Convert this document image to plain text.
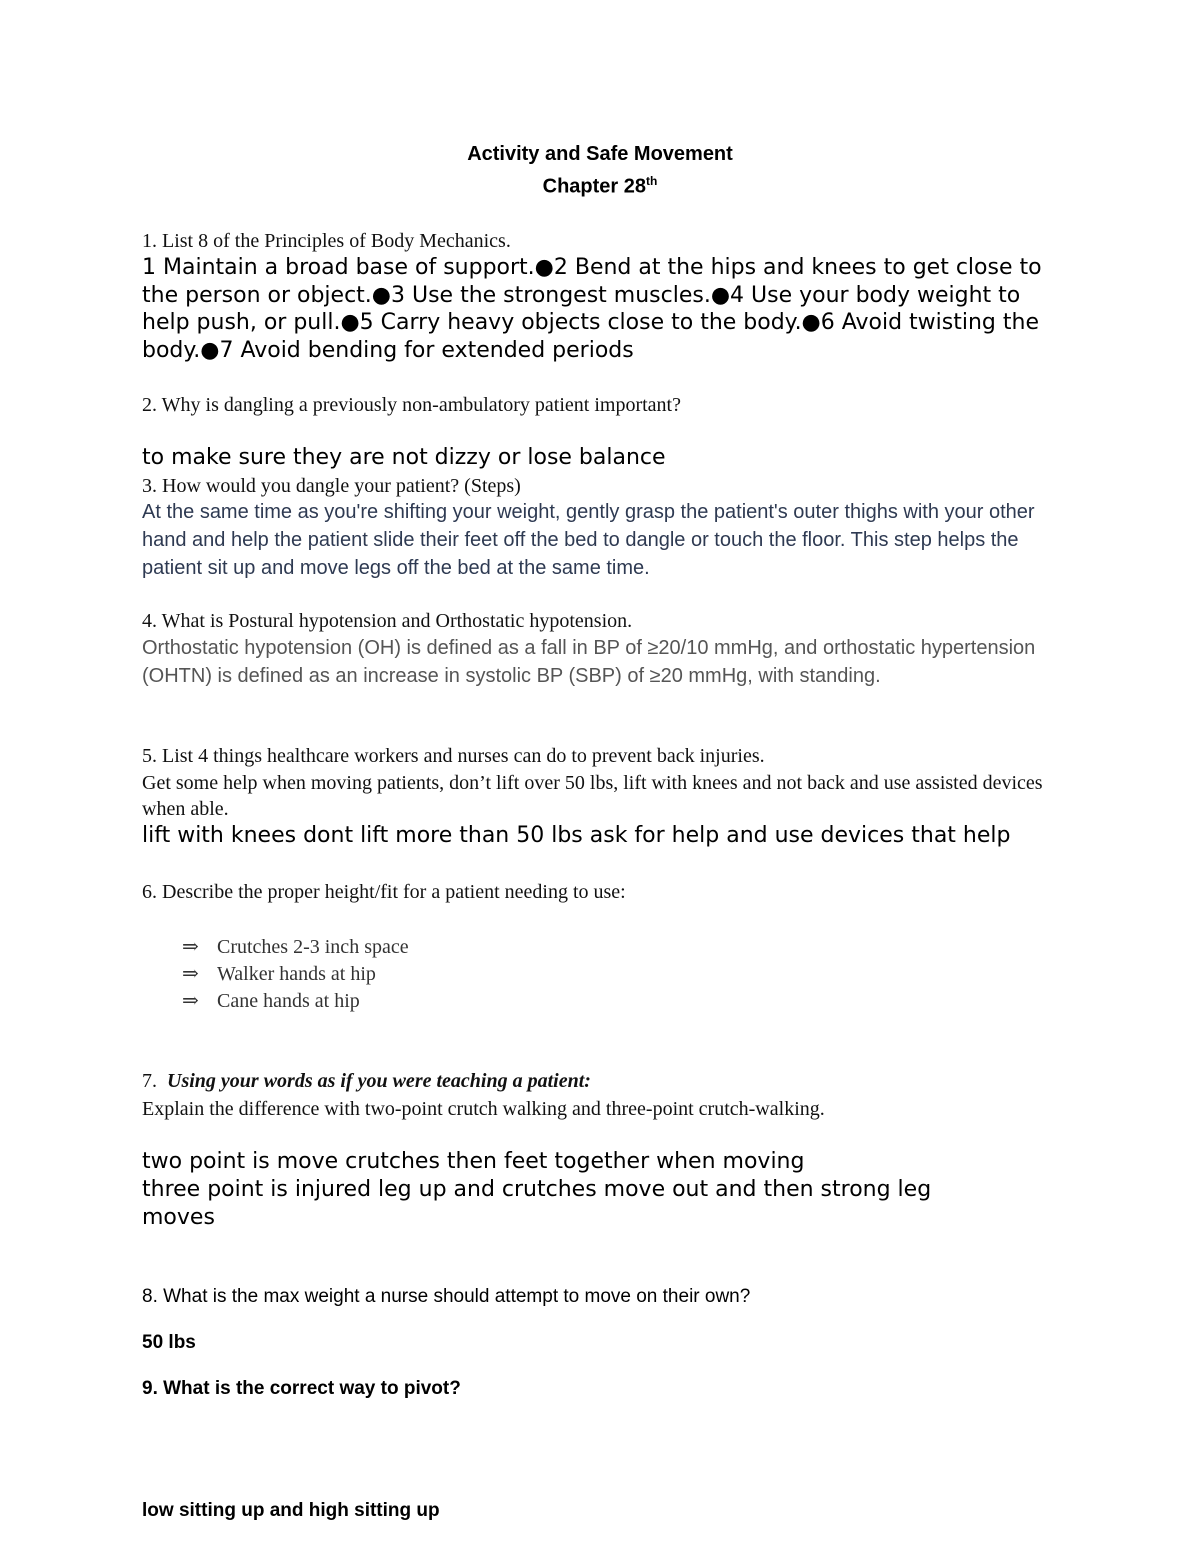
Activity and Safe Movement
Chapter 28th

1. List 8 of the Principles of Body Mechanics.

1 Maintain a broad base of support.●2 Bend at the hips and knees to get close to the person or object.●3 Use the strongest muscles.●4 Use your body weight to help push, or pull.●5 Carry heavy objects close to the body.●6 Avoid twisting the body.●7 Avoid bending for extended periods

2. Why is dangling a previously non-ambulatory patient important?

to make sure they are not dizzy or lose balance

3. How would you dangle your patient? (Steps)

At the same time as you're shifting your weight, gently grasp the patient's outer thighs with your other hand and help the patient slide their feet off the bed to dangle or touch the floor. This step helps the patient sit up and move legs off the bed at the same time.

4. What is Postural hypotension and Orthostatic hypotension.

Orthostatic hypotension (OH) is defined as a fall in BP of ≥20/10 mmHg, and orthostatic hypertension (OHTN) is defined as an increase in systolic BP (SBP) of ≥20 mmHg, with standing.

5. List 4 things healthcare workers and nurses can do to prevent back injuries.

Get some help when moving patients, don’t lift over 50 lbs, lift with knees and not back and use assisted devices when able.

lift with knees dont lift more than 50 lbs ask for help and use devices that help

6. Describe the proper height/fit for a patient needing to use:

⇒ Crutches 2-3 inch space
⇒ Walker hands at hip
⇒ Cane hands at hip

7. Using your words as if you were teaching a patient:

Explain the difference with two-point crutch walking and three-point crutch-walking.

two point is move crutches then feet together when moving

three point is injured leg up and crutches move out and then strong leg moves

8. What is the max weight a nurse should attempt to move on their own?

50 lbs

9. What is the correct way to pivot?

low sitting up and high sitting up
